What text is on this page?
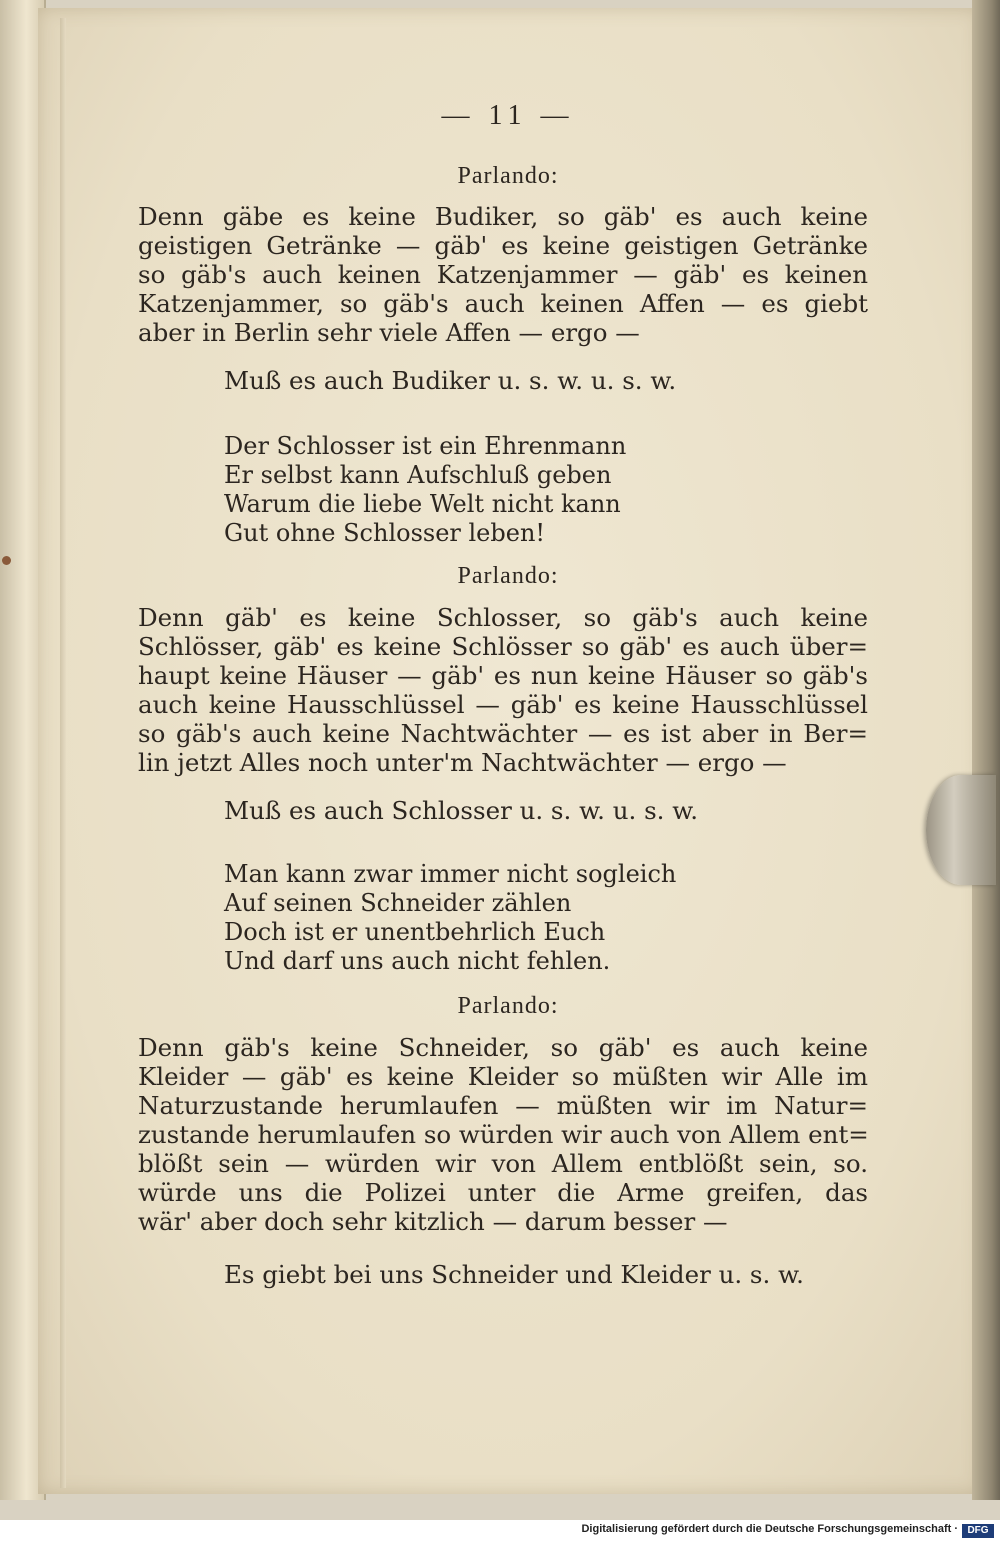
— 11 —

Parlando:

Denn gäbe es keine Budiker, so gäb' es auch keine

geistigen Getränke — gäb' es keine geistigen Getränke

so gäb's auch keinen Katzenjammer — gäb' es keinen

Katzenjammer, so gäb's auch keinen Affen — es giebt

aber in Berlin sehr viele Affen — ergo —

Muß es auch Budiker u. s. w. u. s. w.

Der Schlosser ist ein Ehrenmann

Er selbst kann Aufschluß geben

Warum die liebe Welt nicht kann

Gut ohne Schlosser leben!

Parlando:

Denn gäb' es keine Schlosser, so gäb's auch keine

Schlösser, gäb' es keine Schlösser so gäb' es auch über=

haupt keine Häuser — gäb' es nun keine Häuser so gäb's

auch keine Hausschlüssel — gäb' es keine Hausschlüssel

so gäb's auch keine Nachtwächter — es ist aber in Ber=

lin jetzt Alles noch unter'm Nachtwächter — ergo —

Muß es auch Schlosser u. s. w. u. s. w.

Man kann zwar immer nicht sogleich

Auf seinen Schneider zählen

Doch ist er unentbehrlich Euch

Und darf uns auch nicht fehlen.

Parlando:

Denn gäb's keine Schneider, so gäb' es auch keine

Kleider — gäb' es keine Kleider so müßten wir Alle im

Naturzustande herumlaufen — müßten wir im Natur=

zustande herumlaufen so würden wir auch von Allem ent=

blößt sein — würden wir von Allem entblößt sein, so.

würde uns die Polizei unter die Arme greifen, das

wär' aber doch sehr kitzlich — darum besser —

Es giebt bei uns Schneider und Kleider u. s. w.

Digitalisierung gefördert durch die Deutsche Forschungsgemeinschaft · DFG
